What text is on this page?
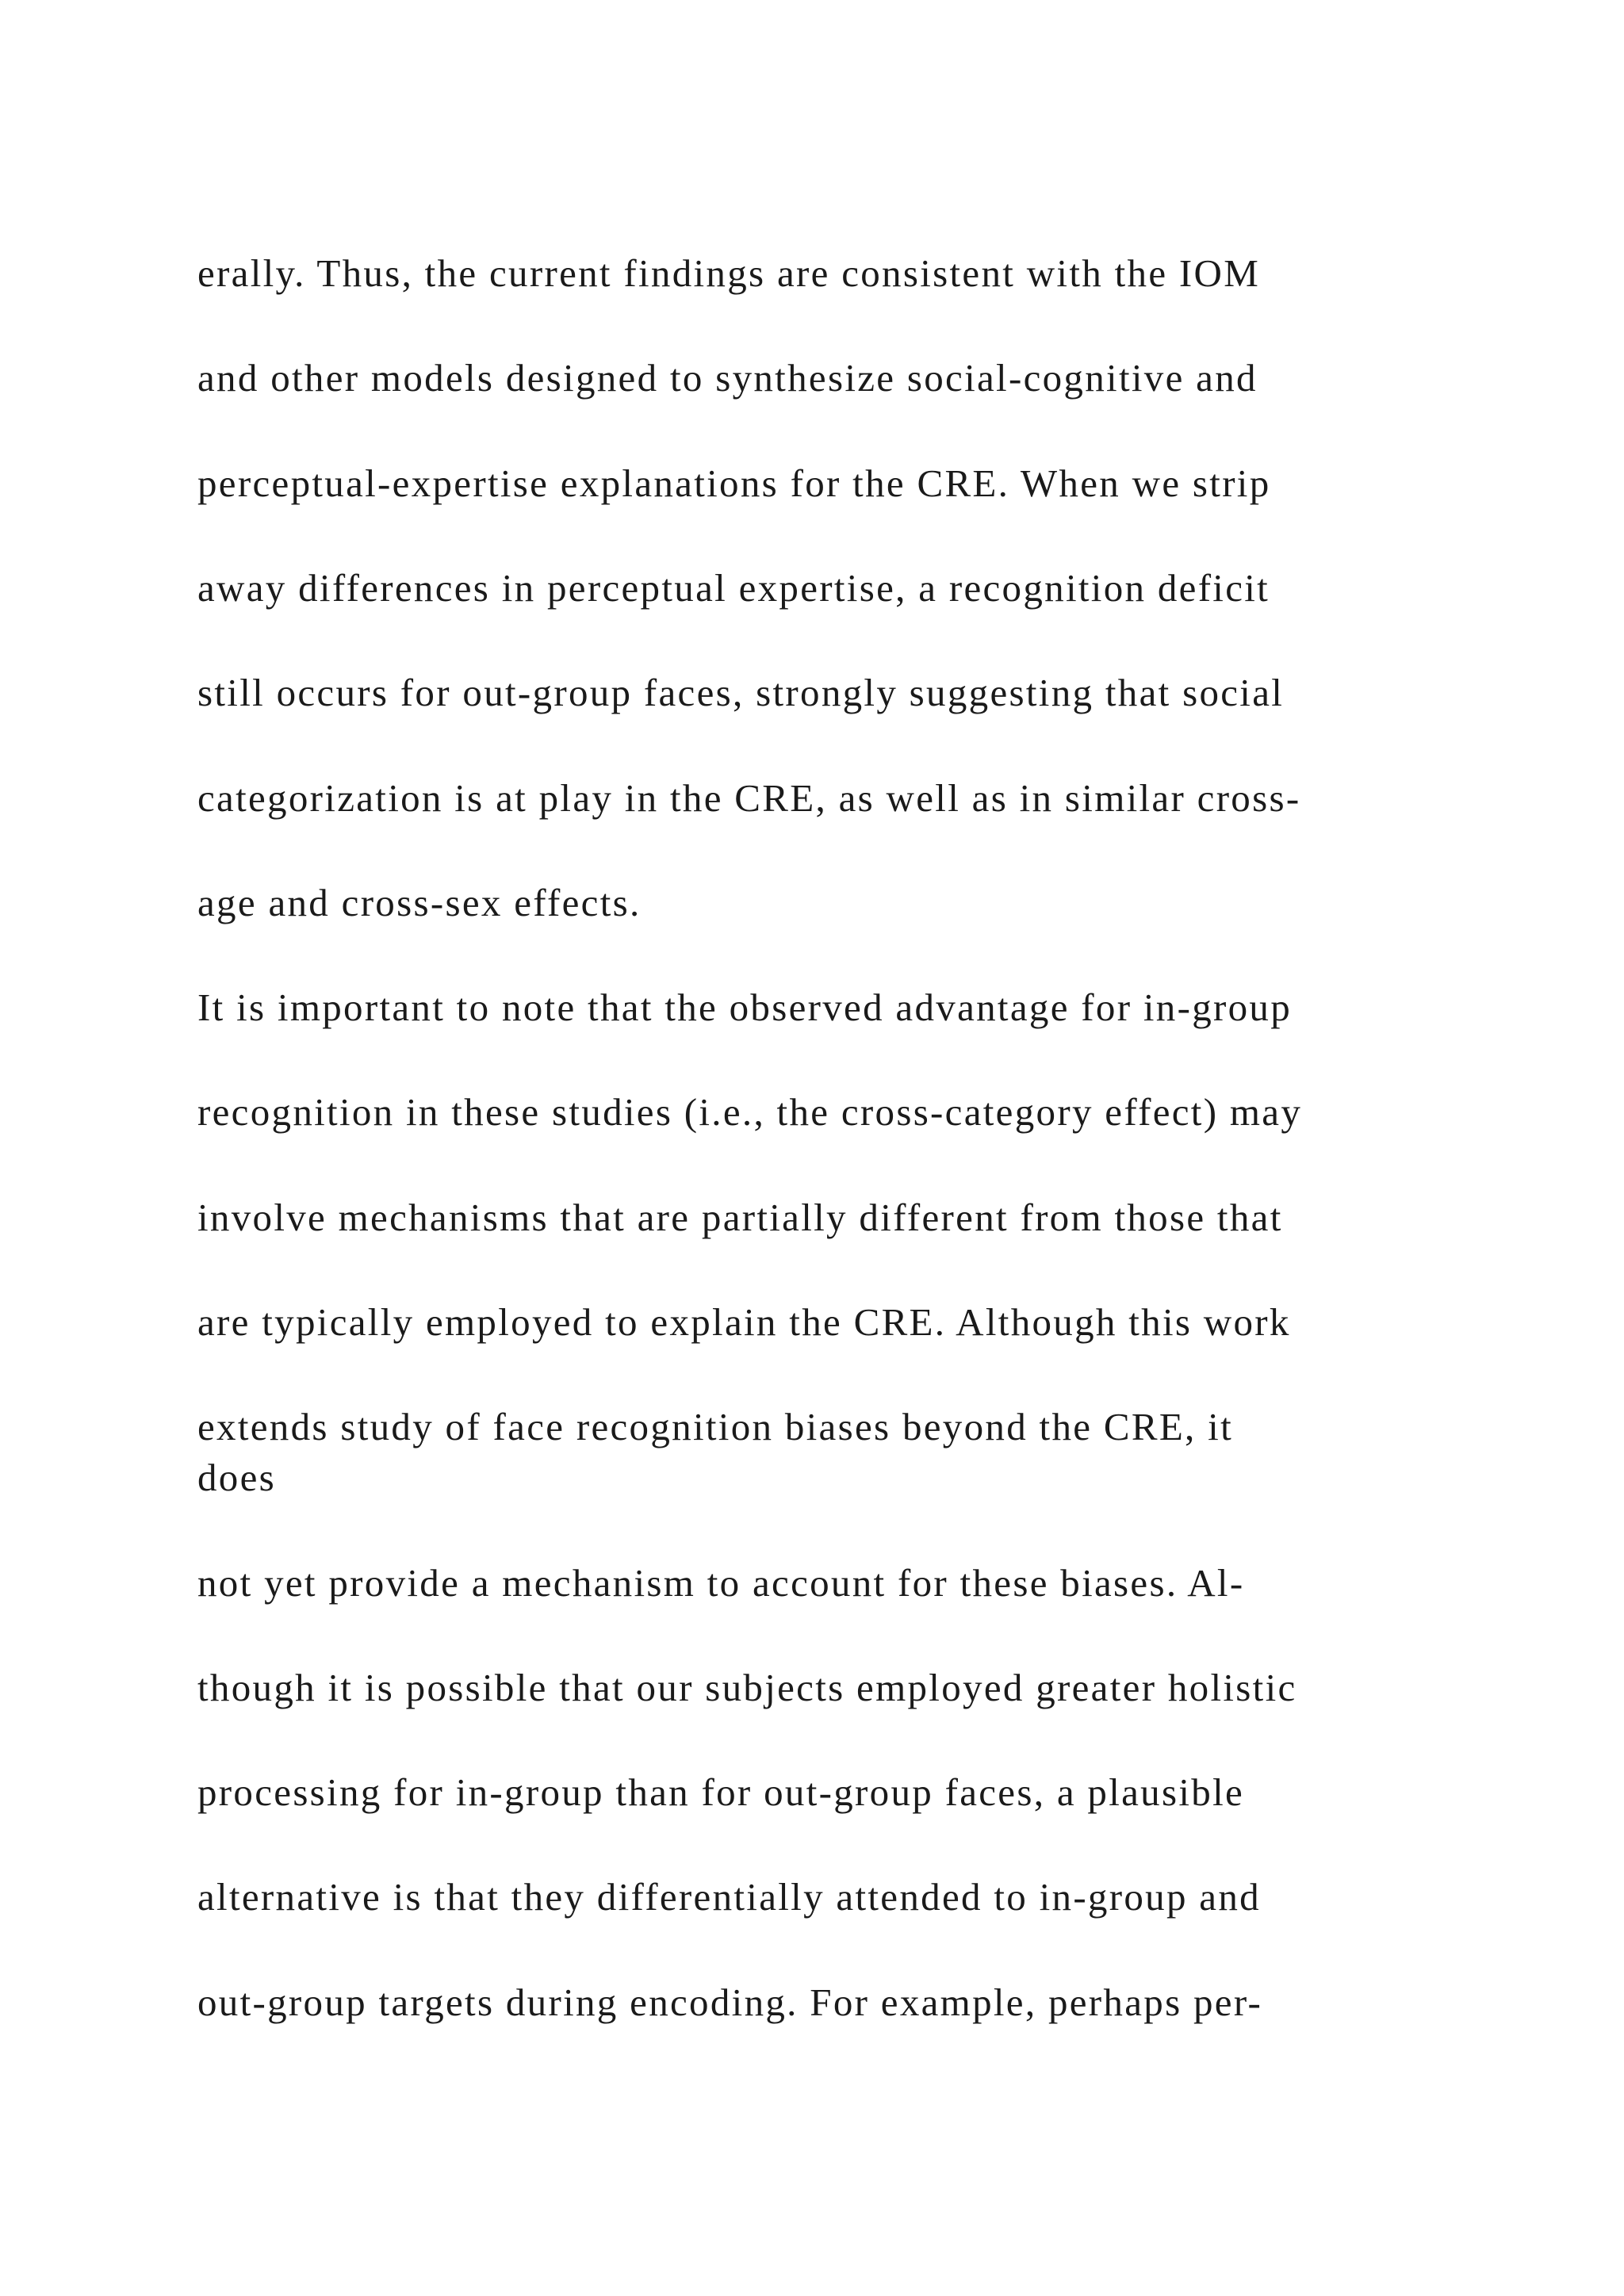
erally. Thus, the current findings are consistent with the IOM

and other models designed to synthesize social-cognitive and

perceptual-expertise explanations for the CRE. When we strip

away differences in perceptual expertise, a recognition deficit

still occurs for out-group faces, strongly suggesting that social

categorization is at play in the CRE, as well as in similar cross-

age and cross-sex effects.

It is important to note that the observed advantage for in-group

recognition in these studies (i.e., the cross-category effect) may

involve mechanisms that are partially different from those that

are typically employed to explain the CRE. Although this work

extends study of face recognition biases beyond the CRE, it

does

not yet provide a mechanism to account for these biases. Al-

though it is possible that our subjects employed greater holistic

processing for in-group than for out-group faces, a plausible

alternative is that they differentially attended to in-group and

out-group targets during encoding. For example, perhaps per-
